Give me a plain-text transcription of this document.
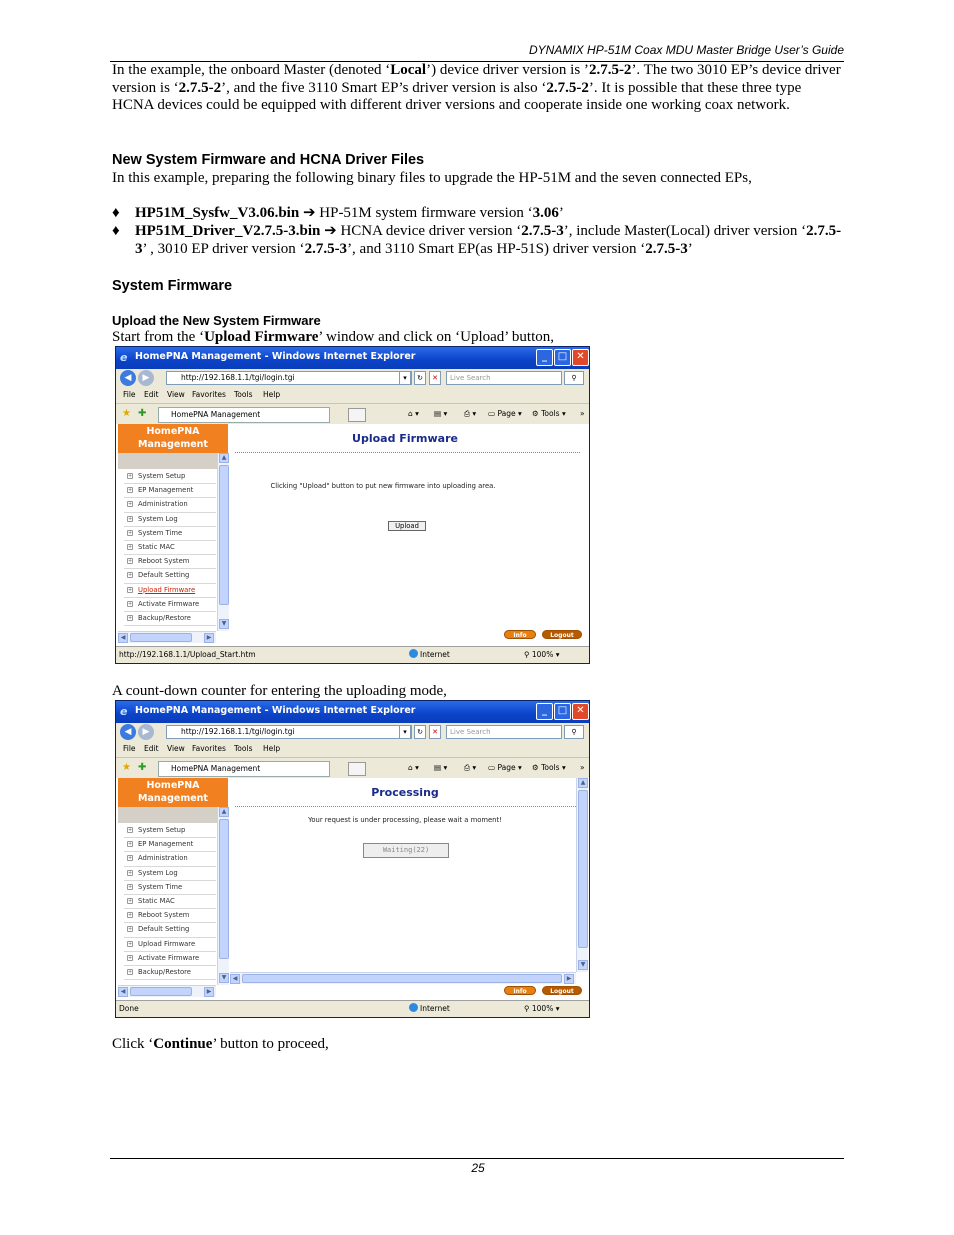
DYNAMIX HP-51M Coax MDU Master Bridge User’s Guide
In the example, the onboard Master (denoted ‘Local’) device driver version is ’2.7.5-2’. The two 3010 EP’s device driver version is ‘2.7.5-2’, and the five 3110 Smart EP’s driver version is also ‘2.7.5-2’. It is possible that these three type HCNA devices could be equipped with different driver versions and cooperate inside one working coax network.
New System Firmware and HCNA Driver Files
In this example, preparing the following binary files to upgrade the HP-51M and the seven connected EPs,
♦ HP51M_Sysfw_V3.06.bin ➔ HP-51M system firmware version ‘3.06’
♦ HP51M_Driver_V2.7.5-3.bin ➔ HCNA device driver version ‘2.7.5-3’, include Master(Local) driver version ‘2.7.5-3’ , 3010 EP driver version ‘2.7.5-3’, and 3110 Smart EP(as HP-51S) driver version ‘2.7.5-3’
System Firmware
Upload the New System Firmware
Start from the ‘Upload Firmware’ window and click on ‘Upload’ button,
e HomePNA Management - Windows Internet Explorer	_	□ ✕
◀	▶	http://192.168.1.1/tgi/login.tgi	▾	↻	✕	Live Search	⚲
File Edit View Favorites Tools Help
★ ✚	HomePNA Management	⌂ ▾ ▤ ▾ ⎙ ▾ ▭ Page ▾ ⚙ Tools ▾ »
HomePNA Management
+ System Setup
+ EP Management
+ Administration
+ System Log
+ System Time
+ Static MAC
+ Reboot System
+ Default Setting
+ Upload Firmware
+ Activate Firmware
+ Backup/Restore
▲
▼
◀	▶
Upload Firmware
Clicking "Upload" button to put new firmware into uploading area.
Upload
Info	Logout
http://192.168.1.1/Upload_Start.htm	Internet	⚲ 100% ▾
A count-down counter for entering the uploading mode,
e HomePNA Management - Windows Internet Explorer	_	□ ✕
◀	▶	http://192.168.1.1/tgi/login.tgi	▾	↻	✕	Live Search	⚲
File Edit View Favorites Tools Help
★ ✚	HomePNA Management	⌂ ▾ ▤ ▾ ⎙ ▾ ▭ Page ▾ ⚙ Tools ▾ »
HomePNA Management
+ System Setup
+ EP Management
+ Administration
+ System Log
+ System Time
+ Static MAC
+ Reboot System
+ Default Setting
+ Upload Firmware
+ Activate Firmware
+ Backup/Restore
▲
▼
◀	▶
Processing
Your request is under processing, please wait a moment!
Waiting(22)
▲
▼
◀	▶
Info	Logout
Done	Internet	⚲ 100% ▾
Click ‘Continue’ button to proceed,
25
